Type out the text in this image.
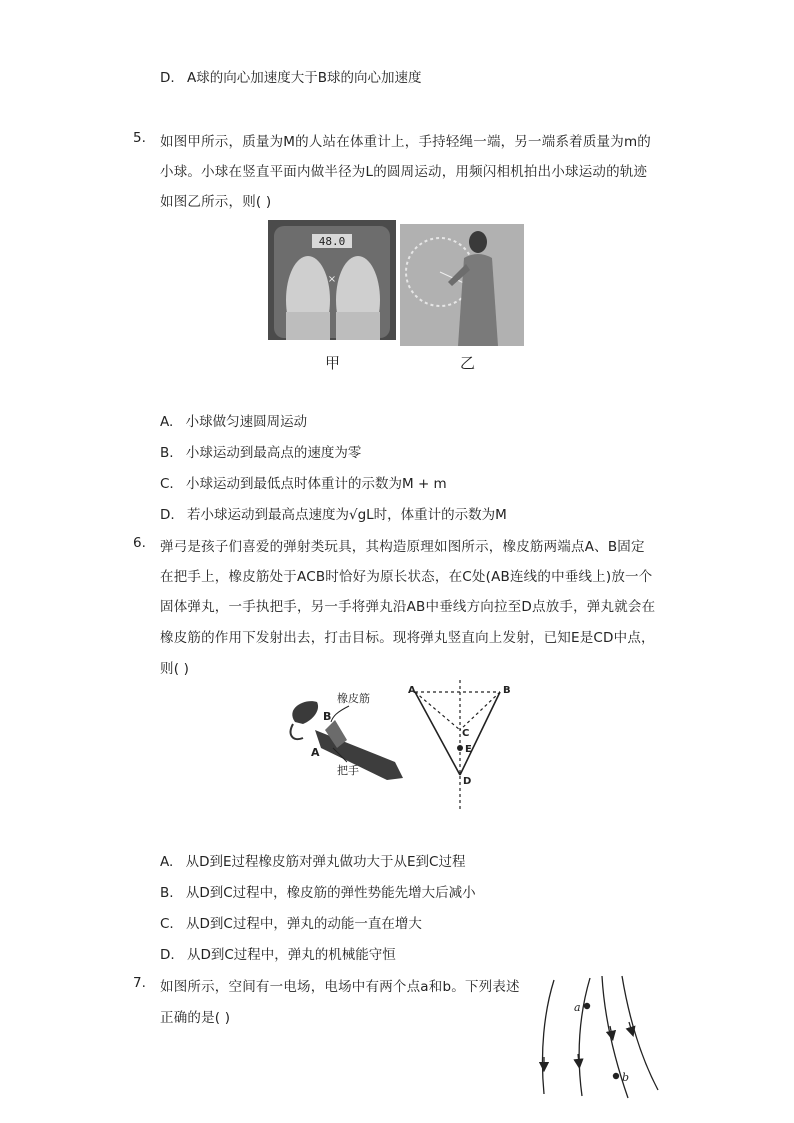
D. A球的向心加速度大于B球的向心加速度
5. 如图甲所示，质量为M的人站在体重计上，手持轻绳一端，另一端系着质量为m的
小球。小球在竖直平面内做半径为L的圆周运动，用频闪相机拍出小球运动的轨迹
如图乙所示，则( )
48.0
×
甲	乙
A. 小球做匀速圆周运动
B. 小球运动到最高点的速度为零
C. 小球运动到最低点时体重计的示数为M + m
D. 若小球运动到最高点速度为√gL时，体重计的示数为M
6. 弹弓是孩子们喜爱的弹射类玩具，其构造原理如图所示，橡皮筋两端点A、B固定
在把手上，橡皮筋处于ACB时恰好为原长状态，在C处(AB连线的中垂线上)放一个
固体弹丸，一手执把手，另一手将弹丸沿AB中垂线方向拉至D点放手，弹丸就会在
橡皮筋的作用下发射出去，打击目标。现将弹丸竖直向上发射，已知E是CD中点，
则( )
橡皮筋
B
A
把手
A	B
C
E
D
A. 从D到E过程橡皮筋对弹丸做功大于从E到C过程
B. 从D到C过程中，橡皮筋的弹性势能先增大后减小
C. 从D到C过程中，弹丸的动能一直在增大
D. 从D到C过程中，弹丸的机械能守恒
7. 如图所示，空间有一电场，电场中有两个点a和b。下列表述
正确的是( )
a
b
